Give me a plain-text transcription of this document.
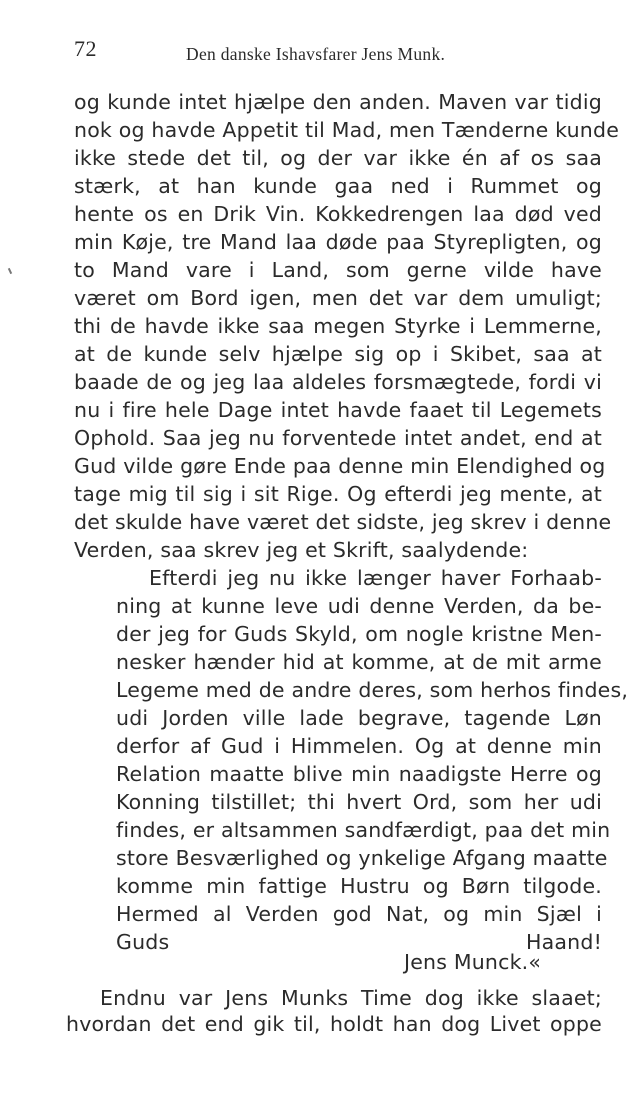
72	Den danske Ishavsfarer Jens Munk.
og kunde intet hjælpe den anden. Maven var tidig
nok og havde Appetit til Mad, men Tænderne kunde
ikke stede det til, og der var ikke én af os saa
stærk, at han kunde gaa ned i Rummet og
hente os en Drik Vin. Kokkedrengen laa død ved
min Køje, tre Mand laa døde paa Styrepligten, og
to Mand vare i Land, som gerne vilde have
været om Bord igen, men det var dem umuligt;
thi de havde ikke saa megen Styrke i Lemmerne,
at de kunde selv hjælpe sig op i Skibet, saa at
baade de og jeg laa aldeles forsmægtede, fordi vi
nu i fire hele Dage intet havde faaet til Legemets
Ophold. Saa jeg nu forventede intet andet, end at
Gud vilde gøre Ende paa denne min Elendighed og
tage mig til sig i sit Rige. Og efterdi jeg mente, at
det skulde have været det sidste, jeg skrev i denne
Verden, saa skrev jeg et Skrift, saalydende:
Efterdi jeg nu ikke længer haver Forhaab-
ning at kunne leve udi denne Verden, da be-
der jeg for Guds Skyld, om nogle kristne Men-
nesker hænder hid at komme, at de mit arme
Legeme med de andre deres, som herhos findes,
udi Jorden ville lade begrave, tagende Løn
derfor af Gud i Himmelen. Og at denne min
Relation maatte blive min naadigste Herre og
Konning tilstillet; thi hvert Ord, som her udi
findes, er altsammen sandfærdigt, paa det min
store Besværlighed og ynkelige Afgang maatte
komme min fattige Hustru og Børn tilgode.
Hermed al Verden god Nat, og min Sjæl i
Guds Haand!
Jens Munck.«
Endnu var Jens Munks Time dog ikke slaaet;
hvordan det end gik til, holdt han dog Livet oppe
